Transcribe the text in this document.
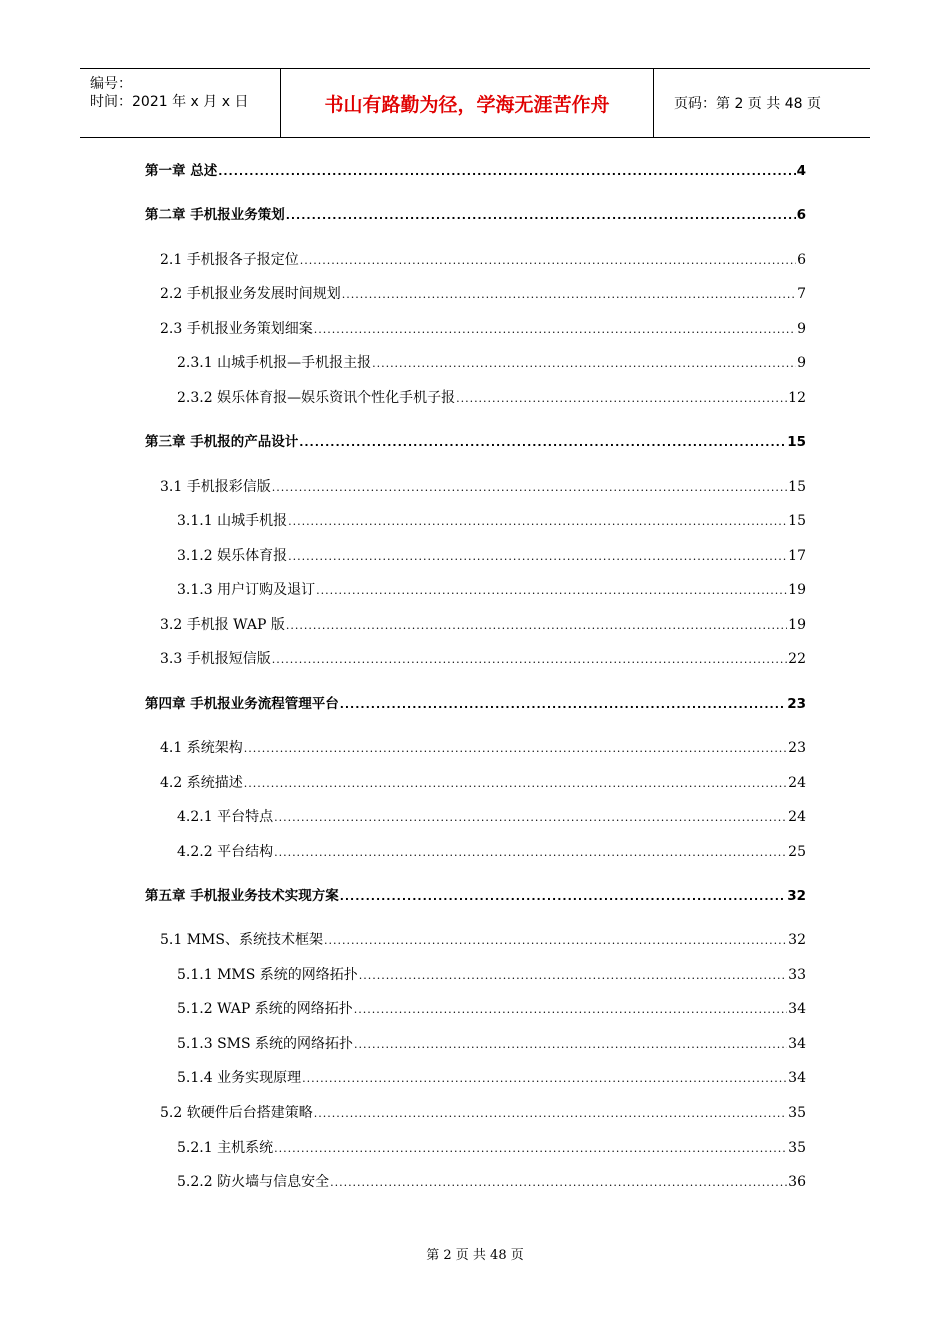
编号：
时间：2021 年 x 月 x 日	书山有路勤为径，学海无涯苦作舟	页码：第 2 页 共 48 页
第一章 总述 .....	4
第二章 手机报业务策划 .....	6
2.1 手机报各子报定位 .....	6
2.2 手机报业务发展时间规划 .....	7
2.3 手机报业务策划细案 .....	9
2.3.1 山城手机报—手机报主报 .....	9
2.3.2 娱乐体育报—娱乐资讯个性化手机子报 .....	12
第三章 手机报的产品设计 .....	15
3.1 手机报彩信版 .....	15
3.1.1 山城手机报 .....	15
3.1.2 娱乐体育报 .....	17
3.1.3 用户订购及退订 .....	19
3.2 手机报 WAP 版 .....	19
3.3 手机报短信版 .....	22
第四章 手机报业务流程管理平台 .....	23
4.1 系统架构 .....	23
4.2 系统描述 .....	24
4.2.1 平台特点 .....	24
4.2.2 平台结构 .....	25
第五章 手机报业务技术实现方案 .....	32
5.1 MMS、系统技术框架 .....	32
5.1.1 MMS 系统的网络拓扑 .....	33
5.1.2 WAP 系统的网络拓扑 .....	34
5.1.3 SMS 系统的网络拓扑 .....	34
5.1.4 业务实现原理 .....	34
5.2 软硬件后台搭建策略 .....	35
5.2.1 主机系统 .....	35
5.2.2 防火墙与信息安全 .....	36
第 2 页 共 48 页
